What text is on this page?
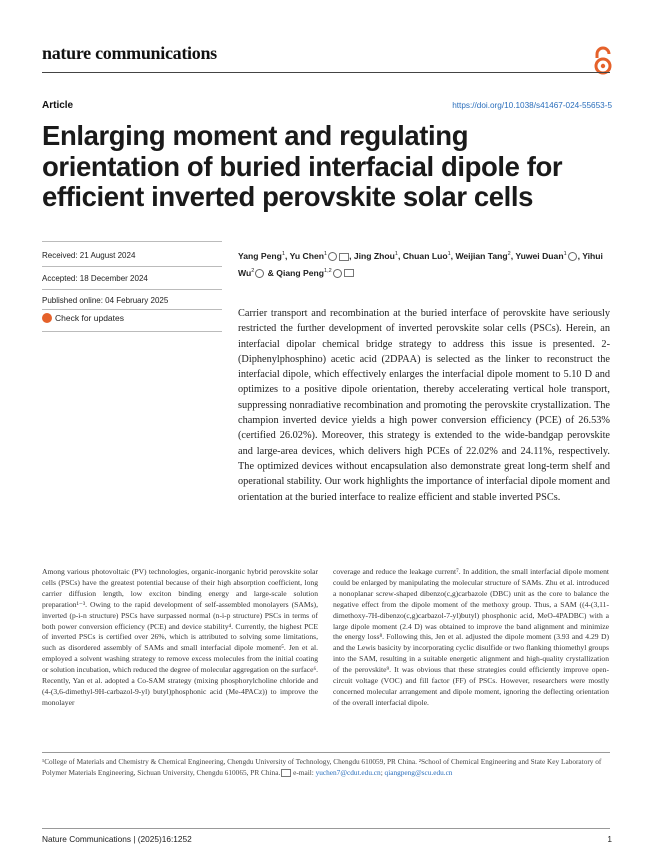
nature communications
Article	https://doi.org/10.1038/s41467-024-55653-5
Enlarging moment and regulating orientation of buried interfacial dipole for efficient inverted perovskite solar cells
Received: 21 August 2024
Accepted: 18 December 2024
Published online: 04 February 2025
Check for updates
Yang Peng$^1$, Yu Chen$^1$	, Jing Zhou$^1$, Chuan Luo$^1$, Weijian Tang$^2$, Yuwei Duan$^1$ , Yihui Wu$^2$ & Qiang Peng$^{1,2}$
Carrier transport and recombination at the buried interface of perovskite have seriously restricted the further development of inverted perovskite solar cells (PSCs). Herein, an interfacial dipolar chemical bridge strategy to address this issue is presented. 2-(Diphenylphosphino) acetic acid (2DPAA) is selected as the linker to reconstruct the interfacial dipole, which effectively enlarges the interfacial dipole moment to 5.10 D and optimizes to a positive dipole orientation, thereby accelerating vertical hole transport, suppressing nonradiative recombination and promoting the perovskite crystallization. The champion inverted device yields a high power conversion efficiency (PCE) of 26.53% (certified 26.02%). Moreover, this strategy is extended to the wide-bandgap perovskite and large-area devices, which delivers high PCEs of 22.02% and 24.11%, respectively. The optimized devices without encapsulation also demonstrate great long-term shelf and operational stability. Our work highlights the importance of interfacial dipole moment and orientation at the buried interface to realize efficient and stable inverted PSCs.
Among various photovoltaic (PV) technologies, organic-inorganic hybrid perovskite solar cells (PSCs) have the greatest potential because of their high absorption coefficient, long carrier diffusion length, low exciton binding energy and large-scale solution preparation¹⁻³. Owing to the rapid development of self-assembled monolayers (SAMs), inverted (p-i-n structure) PSCs have surpassed normal (n-i-p structure) PSCs in terms of both power conversion efficiency (PCE) and device stability⁴. Currently, the highest PCE of inverted PSCs is certified over 26%, which is attributed to solving some limitations, such as disordered assembly of SAMs and small interfacial dipole moment⁵. Jen et al. employed a solvent washing strategy to remove excess molecules from the initial coating or solution incubation, which reduced the degree of molecular aggregation on the surface⁶. Recently, Yan et al. adopted a Co-SAM strategy (mixing phosphorylcholine chloride and (4-(3,6-dimethyl-9H-carbazol-9-yl) butyl)phosphonic acid (Me-4PACz)) to improve the monolayer
coverage and reduce the leakage current⁷. In addition, the small interfacial dipole moment could be enlarged by manipulating the molecular structure of SAMs. Zhu et al. introduced a nonoplanar screw-shaped dibenzo(c,g)carbazole (DBC) unit as the core to balance the negative effect from the dipole moment of the methoxy group. Thus, a SAM ((4-(3,11-dimethoxy-7H-dibenzo(c,g)carbazol-7-yl)butyl) phosphonic acid, MeO-4PADBC) with a large dipole moment (2.4 D) was obtained to improve the band alignment and minimize the energy loss⁸. Following this, Jen et al. adjusted the dipole moment (3.93 and 4.29 D) and the Lewis basicity by incorporating cyclic disulfide or two flanking thiomethyl groups into the SAM, resulting in a suitable energetic alignment and high-quality crystallization of the perovskite⁹. It was obvious that these strategies could efficiently improve open-circuit voltage (VOC) and fill factor (FF) of PSCs. However, researchers were mostly concerned molecular arrangement and dipole moment, ignoring the deflecting orientation of the overall interfacial dipole.
¹College of Materials and Chemistry & Chemical Engineering, Chengdu University of Technology, Chengdu 610059, PR China. ²School of Chemical Engineering and State Key Laboratory of Polymer Materials Engineering, Sichuan University, Chengdu 610065, PR China. e-mail: yuchen7@cdut.edu.cn; qiangpeng@scu.edu.cn
Nature Communications | (2025)16:1252	1
